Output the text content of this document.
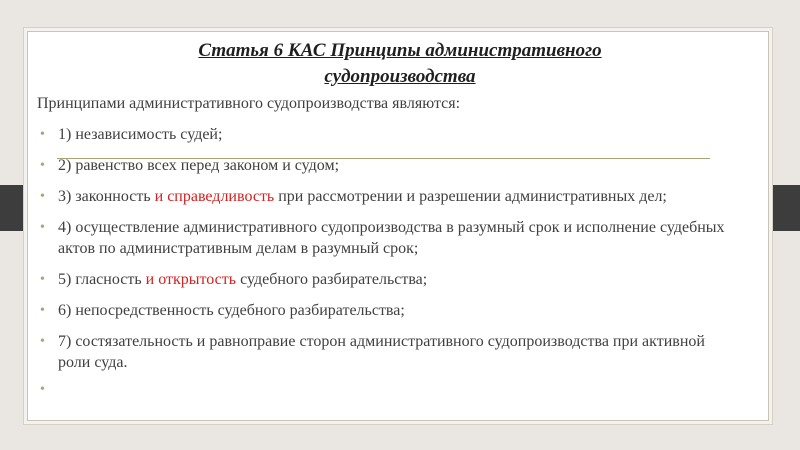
Статья 6 КАС Принципы административного судопроизводства
Принципами административного судопроизводства являются:
• 1) независимость судей;
• 2) равенство всех перед законом и судом;
• 3) законность и справедливость при рассмотрении и разрешении административных дел;
• 4) осуществление административного судопроизводства в разумный срок и исполнение судебных актов по административным делам в разумный срок;
• 5) гласность и открытость судебного разбирательства;
• 6) непосредственность судебного разбирательства;
• 7) состязательность и равноправие сторон административного судопроизводства при активной роли суда.
•
